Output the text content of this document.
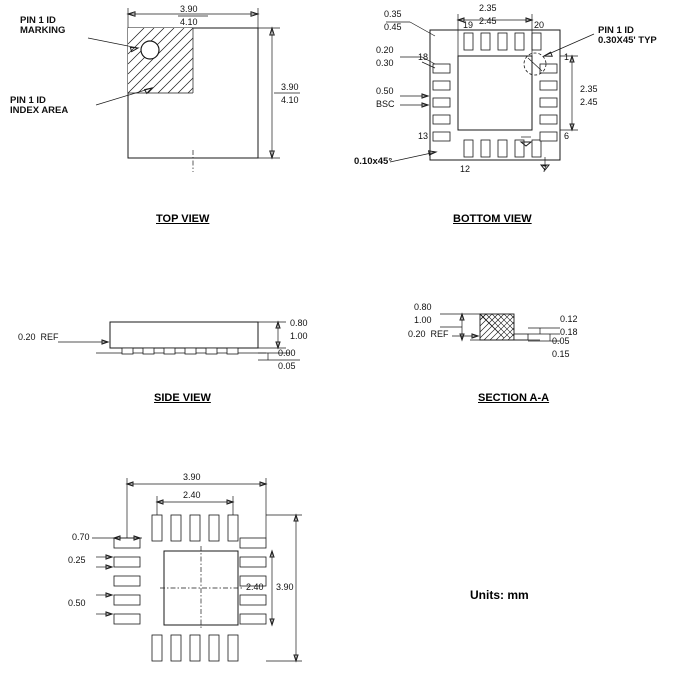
PIN 1 ID
MARKING
PIN 1 ID
INDEX AREA
3.90
4.10
3.90
4.10
TOP VIEW
PIN 1 ID
0.30X45' TYP
0.10x45°
0.35
0.45
2.35
2.45
0.20
0.30
0.50
BSC
2.35
2.45
19	20
18
13
12	7
1
6
BOTTOM VIEW
0.20  REF
0.80
1.00
0.00
0.05
SIDE VIEW
0.80
1.00
0.20  REF
0.12
0.18
0.05
0.15
SECTION A-A
3.90
2.40
0.70
0.25
0.50
2.40 3.90
Units: mm
